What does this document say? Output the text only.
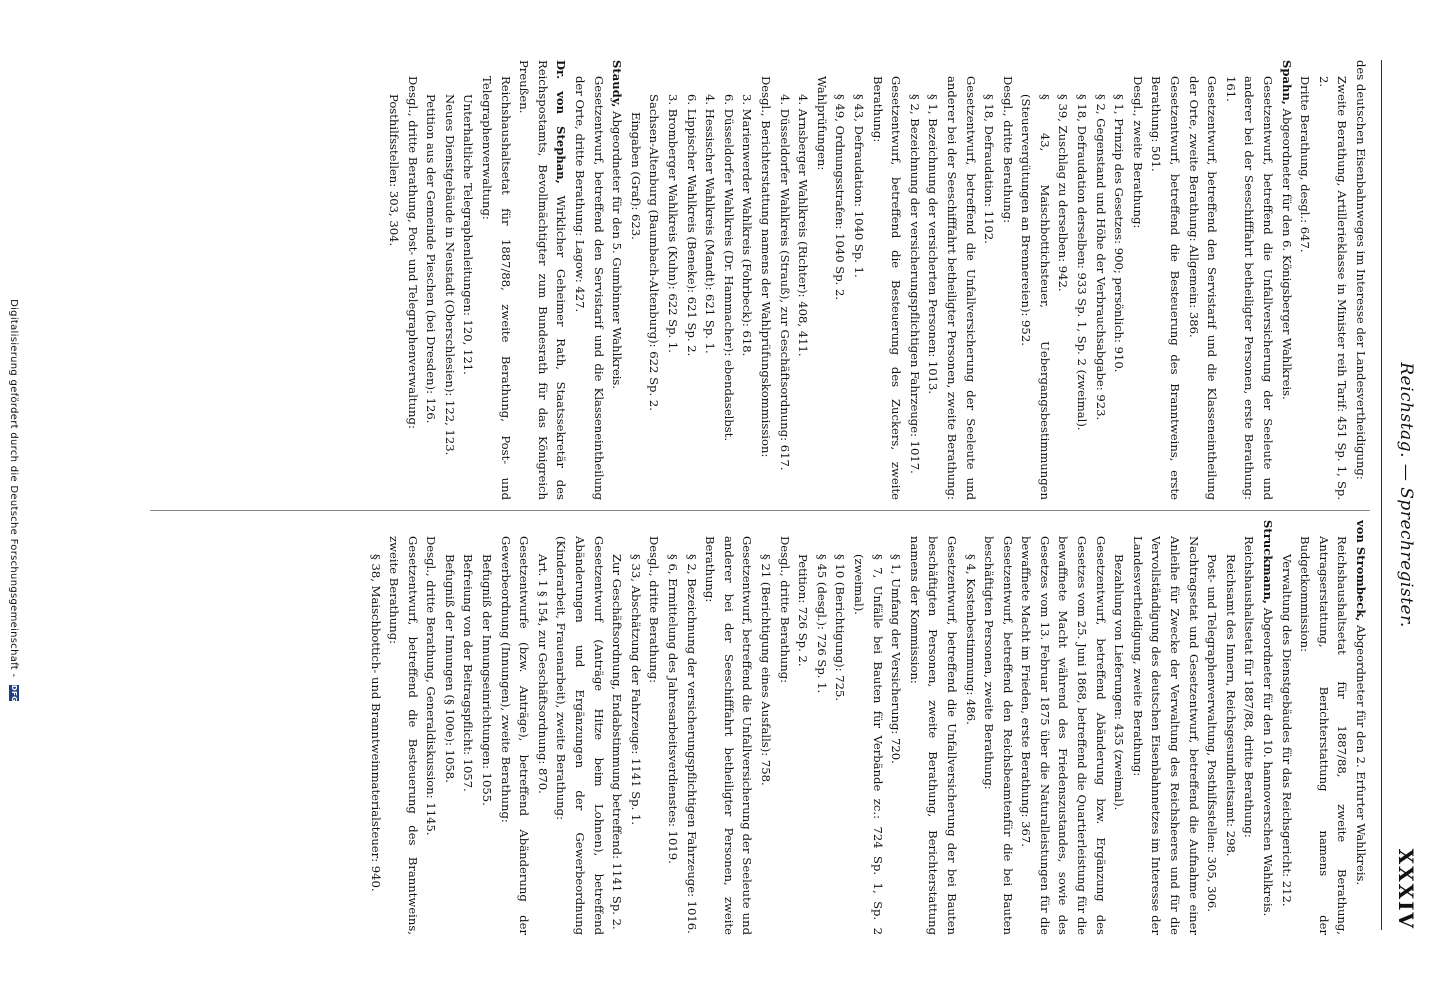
Reichstag. — Sprechregister.
XXXIV
des deutschen Eisenbahnweges im Interesse der Landesvertheidigung:
Zweite Berathung, Artillerieklasse in Minister reih Tarif: 451 Sp. 1, Sp. 2.
Dritte Berathung, desgl.: 647.
Spahn, Abgeordneter für den 6. Königsberger Wahlkreis.
Gesetzentwurf, betreffend die Unfallversicherung der Seeleute und anderer bei der Seeschifffahrt betheiligter Personen, erste Berathung: 161.
Gesetzentwurf, betreffend den Servistarif und die Klasseneintheilung der Orte, zweite Berathung: Allgemein: 386.
Gesetzentwurf, betreffend die Besteuerung des Branntweins, erste Berathung: 501.
Desgl., zweite Berathung:
§ 1, Prinzip des Gesetzes: 900; persönlich: 910.
§ 2, Gegenstand und Höhe der Verbrauchsabgabe: 923.
§ 18, Defraudation derselben: 933 Sp. 1, Sp. 2 (zweimal).
§ 39, Zuschlag zu derselben: 942.
§ 43, Maischbottichsteuer, Uebergangsbestimmungen (Steuervergütungen an Brennereien): 952.
Desgl., dritte Berathung:
§ 18, Defraudation: 1102.
Gesetzentwurf, betreffend die Unfallversicherung der Seeleute und anderer bei der Seeschifffahrt betheiligter Personen, zweite Berathung:
§ 1, Bezeichnung der versicherten Personen: 1013.
§ 2, Bezeichnung der versicherungspflichtigen Fahrzeuge: 1017.
Gesetzentwurf, betreffend die Besteuerung des Zuckers, zweite Berathung:
§ 43, Defraudation: 1040 Sp. 1.
§ 49, Ordnungsstrafen: 1040 Sp. 2.
Wahlprüfungen:
4. Arnsberger Wahlkreis (Richter): 408, 411.
4. Düsseldorfer Wahlkreis (Strauß), zur Geschäftsordnung: 617.
Desgl., Berichterstattung namens der Wahlprüfungskommission:
3. Marienwerder Wahlkreis (Fohrbeck): 618.
6. Düsseldorfer Wahlkreis (Dr. Hammacher): ebendaselbst.
4. Hessischer Wahlkreis (Mandt): 621 Sp. 1.
6. Lippischer Wahlkreis (Beneke): 621 Sp. 2.
3. Bromberger Wahlkreis (Kuhn): 622 Sp. 1.
Sachsen-Altenburg (Baumbach-Altenburg): 622 Sp. 2.
Eingaben (Graf): 623.
Staudy, Abgeordneter für den 5. Gumbinner Wahlkreis.
Gesetzentwurf, betreffend den Servistarif und die Klasseneintheilung der Orte, dritte Berathung: Lagow: 427.
Dr. von Stephan, Wirklicher Geheimer Rath, Staatssekretär des Reichspostamts, Bevollmächtigter zum Bundesrath für das Königreich Preußen.
Reichshaushaltsetat für 1887/88, zweite Berathung, Post- und Telegraphenverwaltung:
Unterhaltliche Telegraphenleitungen: 120, 121.
Neues Dienstgebäude in Neustadt (Oberschlesien): 122, 123.
Petition aus der Gemeinde Pieschen (bei Dresden): 126.
Desgl., dritte Berathung, Post- und Telegraphenverwaltung:
Posthilfsstellen: 303, 304.
von Strombeck, Abgeordneter für den 2. Erfurter Wahlkreis.
Reichshaushaltsetat für 1887/88, zweite Berathung, Antragserstattung, Berichterstattung namens der Budgetkommission:
Verwaltung des Dienstgebäudes für das Reichsgericht: 212.
Struckmann, Abgeordneter für den 10. hannoverschen Wahlkreis.
Reichshaushaltsetat für 1887/88, dritte Berathung:
Reichsamt des Innern, Reichsgesundheitsamt: 298.
Post- und Telegraphenverwaltung, Posthilfsstellen: 305, 306.
Nachtragsetat und Gesetzentwurf, betreffend die Aufnahme einer Anleihe für Zwecke der Verwaltung des Reichsheeres und für die Vervollständigung des deutschen Eisenbahnnetzes im Interesse der Landesvertheidigung, zweite Berathung:
Bezahlung von Lieferungen: 435 (zweimal).
Gesetzentwurf, betreffend Abänderung bzw. Ergänzung des Gesetzes vom 25. Juni 1868, betreffend die Quartierleistung für die bewaffnete Macht während des Friedenszustandes, sowie des Gesetzes vom 13. Februar 1875 über die Naturalleistungen für die bewaffnete Macht im Frieden, erste Berathung: 367.
Gesetzentwurf, betreffend den Reichsbeamtenfür die bei Bauten beschäftigten Personen, zweite Berathung:
§ 4, Kostenbestimmung: 486.
Gesetzentwurf, betreffend die Unfallversicherung der bei Bauten beschäftigten Personen, zweite Berathung, Berichterstattung namens der Kommission:
§ 1, Umfang der Versicherung: 720.
§ 7, Unfälle bei Bauten für Verbände zc.: 724 Sp. 1, Sp. 2 (zweimal).
§ 10 (Berichtigung): 725.
§ 45 (desgl.): 726 Sp. 1.
Petition: 726 Sp. 2.
Desgl., dritte Berathung:
§ 21 (Berichtigung eines Ausfalls): 758.
Gesetzentwurf, betreffend die Unfallversicherung der Seeleute und anderer bei der Seeschifffahrt betheiligter Personen, zweite Berathung:
§ 2, Bezeichnung der versicherungspflichtigen Fahrzeuge: 1016.
§ 6, Ermittelung des Jahresarbeitsverdienstes: 1019.
Desgl., dritte Berathung:
§ 33, Abschätzung der Fahrzeuge: 1141 Sp. 1.
Zur Geschäftsordnung, Endabstimmung betreffend: 1141 Sp. 2.
Gesetzentwurf (Anträge Hitze beim Lohnen), betreffend Abänderungen und Ergänzungen der Gewerbeordnung (Kinderarbeit, Frauenarbeit), zweite Berathung:
Art. 1 § 154, zur Geschäftsordnung: 870.
Gesetzentwurfe (bzw. Anträge), betreffend Abänderung der Gewerbeordnung (Innungen), zweite Berathung:
Befugniß der Innungseinrichtungen: 1055.
Befreiung von der Beitragspflicht: 1057.
Befugniß der Innungen (§ 100e): 1058.
Desgl., dritte Berathung, Generaldiskussion: 1145.
Gesetzentwurf, betreffend die Besteuerung des Branntweins, zweite Berathung:
§ 38, Maischbottich- und Branntweinmaterialsteuer: 940.
Digitalisierung gefördert durch die Deutsche Forschungsgemeinschaft - DFG
